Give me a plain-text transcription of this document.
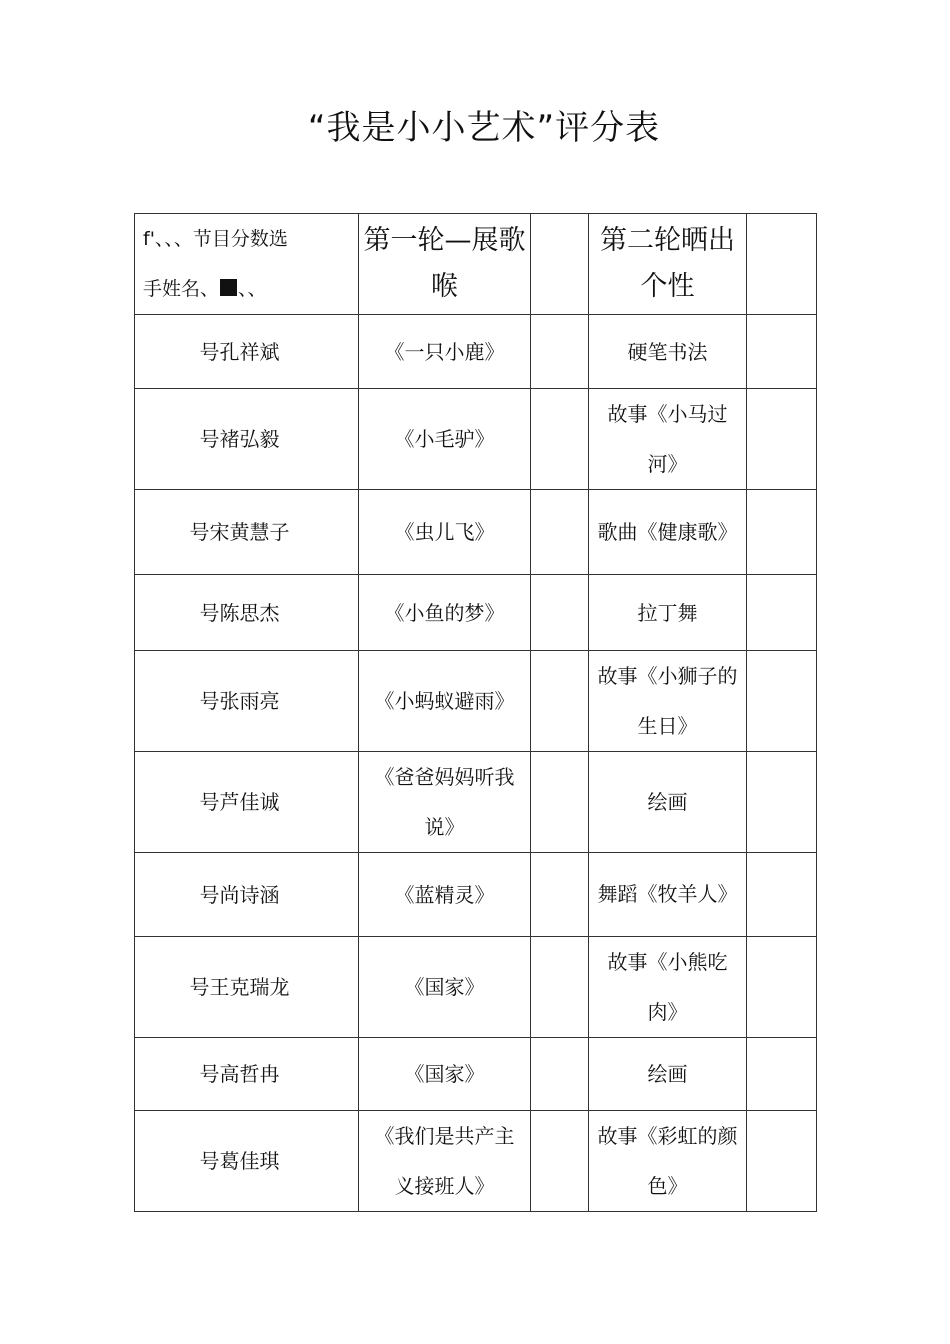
“我是小小艺术”评分表
f'、、、节目分数选
手姓名、 、、	第一轮—展歌喉		第二轮晒出个性	
号孔祥斌	《一只小鹿》		硬笔书法	
号褚弘毅	《小毛驴》		故事《小马过河》	
号宋黄慧子	《虫儿飞》		歌曲《健康歌》	
号陈思杰	《小鱼的梦》		拉丁舞	
号张雨亮	《小蚂蚁避雨》		故事《小狮子的生日》	
号芦佳诚	《爸爸妈妈听我说》		绘画	
号尚诗涵	《蓝精灵》		舞蹈《牧羊人》	
号王克瑞龙	《国家》		故事《小熊吃肉》	
号高哲冉	《国家》		绘画	
号葛佳琪	《我们是共产主义接班人》		故事《彩虹的颜色》	
